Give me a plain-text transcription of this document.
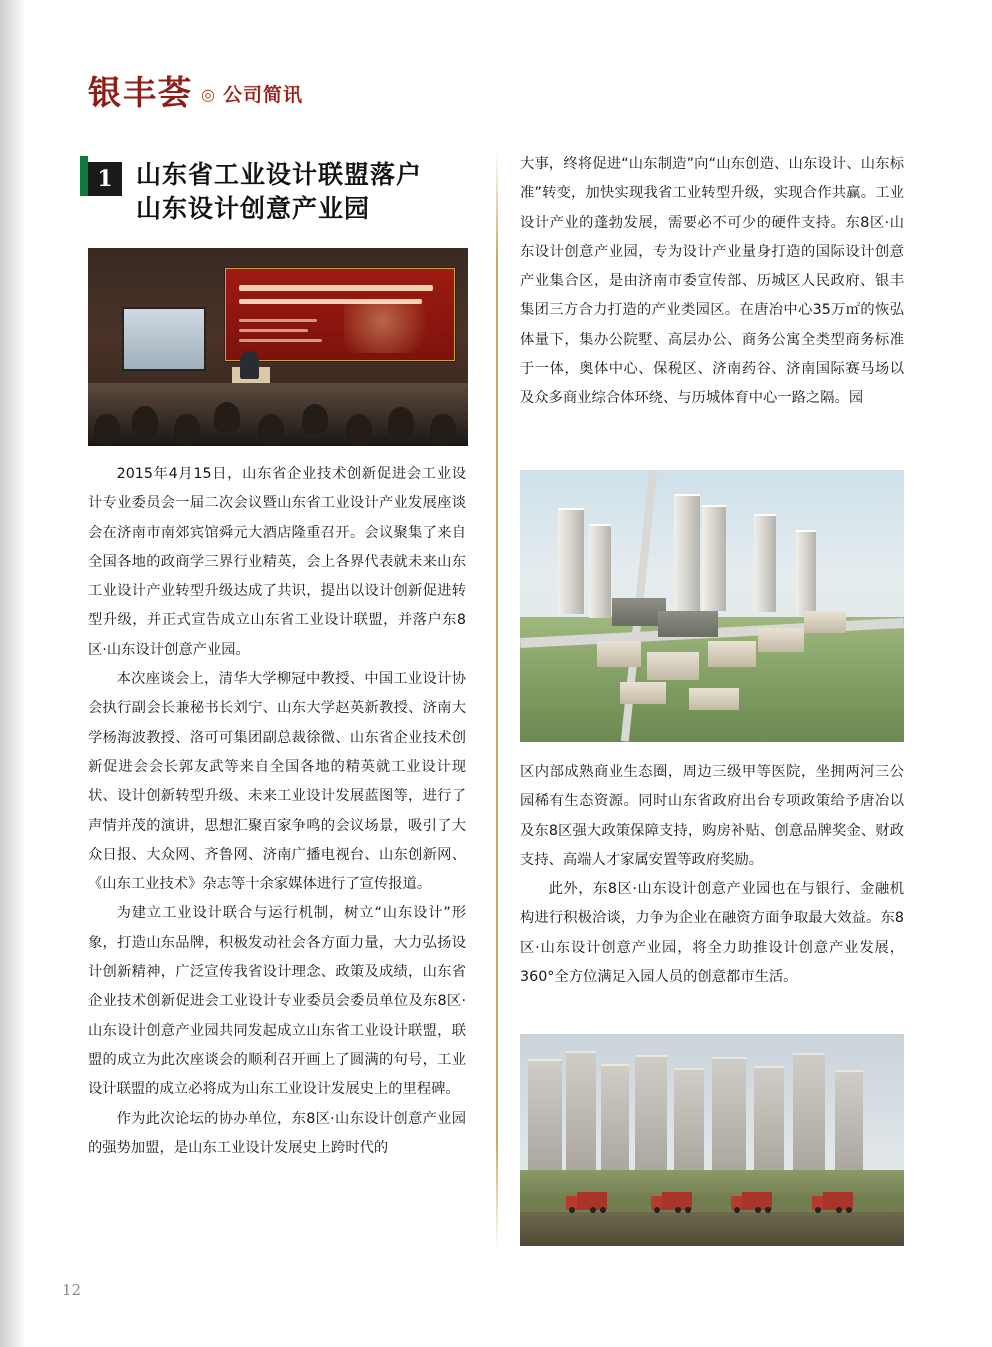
银丰荟 ◎ 公司简讯
1 山东省工业设计联盟落户
山东设计创意产业园

2015年4月15日，山东省企业技术创新促进会工业设计专业委员会一届二次会议暨山东省工业设计产业发展座谈会在济南市南郊宾馆舜元大酒店隆重召开。会议聚集了来自全国各地的政商学三界行业精英，会上各界代表就未来山东工业设计产业转型升级达成了共识，提出以设计创新促进转型升级，并正式宣告成立山东省工业设计联盟，并落户东8区·山东设计创意产业园。

本次座谈会上，清华大学柳冠中教授、中国工业设计协会执行副会长兼秘书长刘宁、山东大学赵英新教授、济南大学杨海波教授、洛可可集团副总裁徐微、山东省企业技术创新促进会会长郭友武等来自全国各地的精英就工业设计现状、设计创新转型升级、未来工业设计发展蓝图等，进行了声情并茂的演讲，思想汇聚百家争鸣的会议场景，吸引了大众日报、大众网、齐鲁网、济南广播电视台、山东创新网、《山东工业技术》杂志等十余家媒体进行了宣传报道。

为建立工业设计联合与运行机制，树立“山东设计”形象，打造山东品牌，积极发动社会各方面力量，大力弘扬设计创新精神，广泛宣传我省设计理念、政策及成绩，山东省企业技术创新促进会工业设计专业委员会委员单位及东8区·山东设计创意产业园共同发起成立山东省工业设计联盟，联盟的成立为此次座谈会的顺利召开画上了圆满的句号，工业设计联盟的成立必将成为山东工业设计发展史上的里程碑。

作为此次论坛的协办单位，东8区·山东设计创意产业园的强势加盟，是山东工业设计发展史上跨时代的

大事，终将促进“山东制造”向“山东创造、山东设计、山东标准”转变，加快实现我省工业转型升级，实现合作共赢。工业设计产业的蓬勃发展，需要必不可少的硬件支持。东8区·山东设计创意产业园，专为设计产业量身打造的国际设计创意产业集合区，是由济南市委宣传部、历城区人民政府、银丰集团三方合力打造的产业类园区。在唐冶中心35万㎡的恢弘体量下，集办公院墅、高层办公、商务公寓全类型商务标准于一体，奥体中心、保税区、济南药谷、济南国际赛马场以及众多商业综合体环绕、与历城体育中心一路之隔。园

区内部成熟商业生态圈，周边三级甲等医院，坐拥两河三公园稀有生态资源。同时山东省政府出台专项政策给予唐冶以及东8区强大政策保障支持，购房补贴、创意品牌奖金、财政支持、高端人才家属安置等政府奖励。

此外，东8区·山东设计创意产业园也在与银行、金融机构进行积极洽谈，力争为企业在融资方面争取最大效益。东8区·山东设计创意产业园，将全力助推设计创意产业发展，360°全方位满足入园人员的创意都市生活。

12
